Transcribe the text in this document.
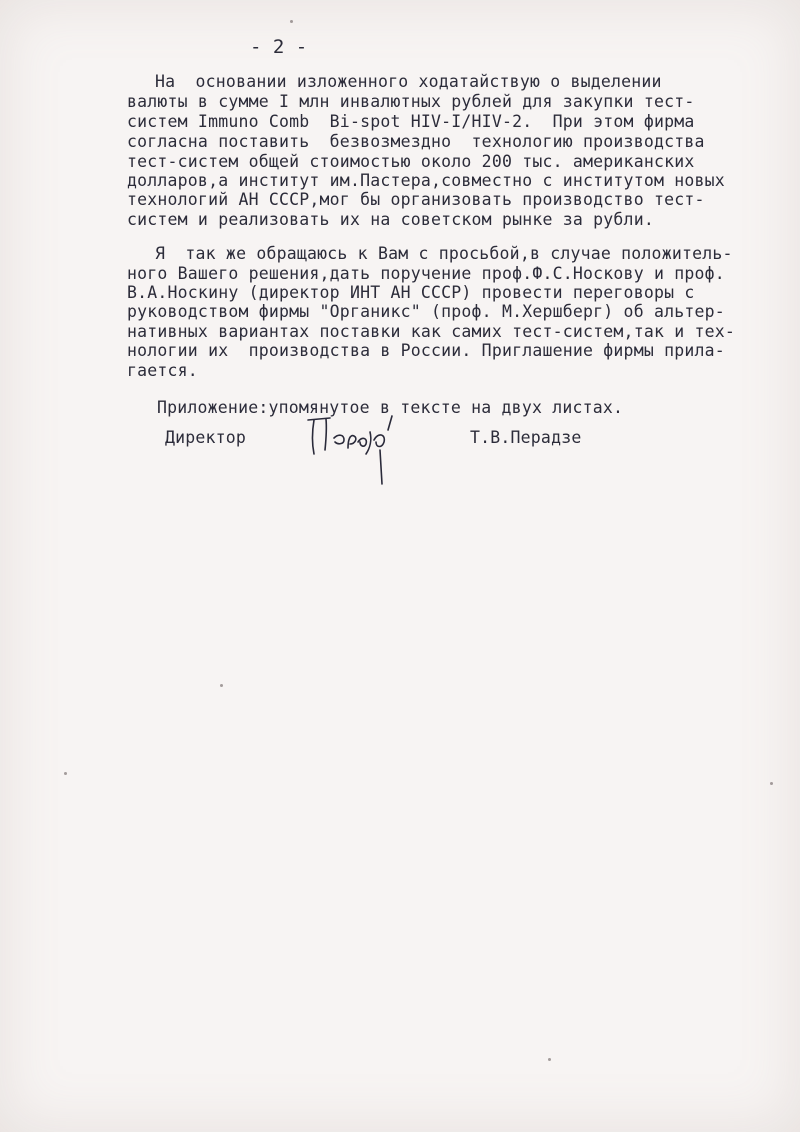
- 2 -

На  основании изложенного ходатайствую о выделении

валюты в сумме I млн инвалютных рублей для закупки тест-

систем Immuno Comb  Bi-spot HIV-I/HIV-2.  При этом фирма

согласна поставить  безвозмездно  технологию производства

тест-систем общей стоимостью около 200 тыс. американских

долларов,а институт им.Пастера,совместно с институтом новых

технологий АН СССР,мог бы организовать производство тест-

систем и реализовать их на советском рынке за рубли.

Я  так же обращаюсь к Вам с просьбой,в случае положитель-

ного Вашего решения,дать поручение проф.Ф.С.Носкову и проф.

В.А.Носкину (директор ИНТ АН СССР) провести переговоры с

руководством фирмы "Органикс" (проф. М.Хершберг) об альтер-

нативных вариантах поставки как самих тест-систем,так и тех-

нологии их  производства в России. Приглашение фирмы прила-

гается.

Приложение:упомянутое в тексте на двух листах.

Директор	Т.В.Перадзе
